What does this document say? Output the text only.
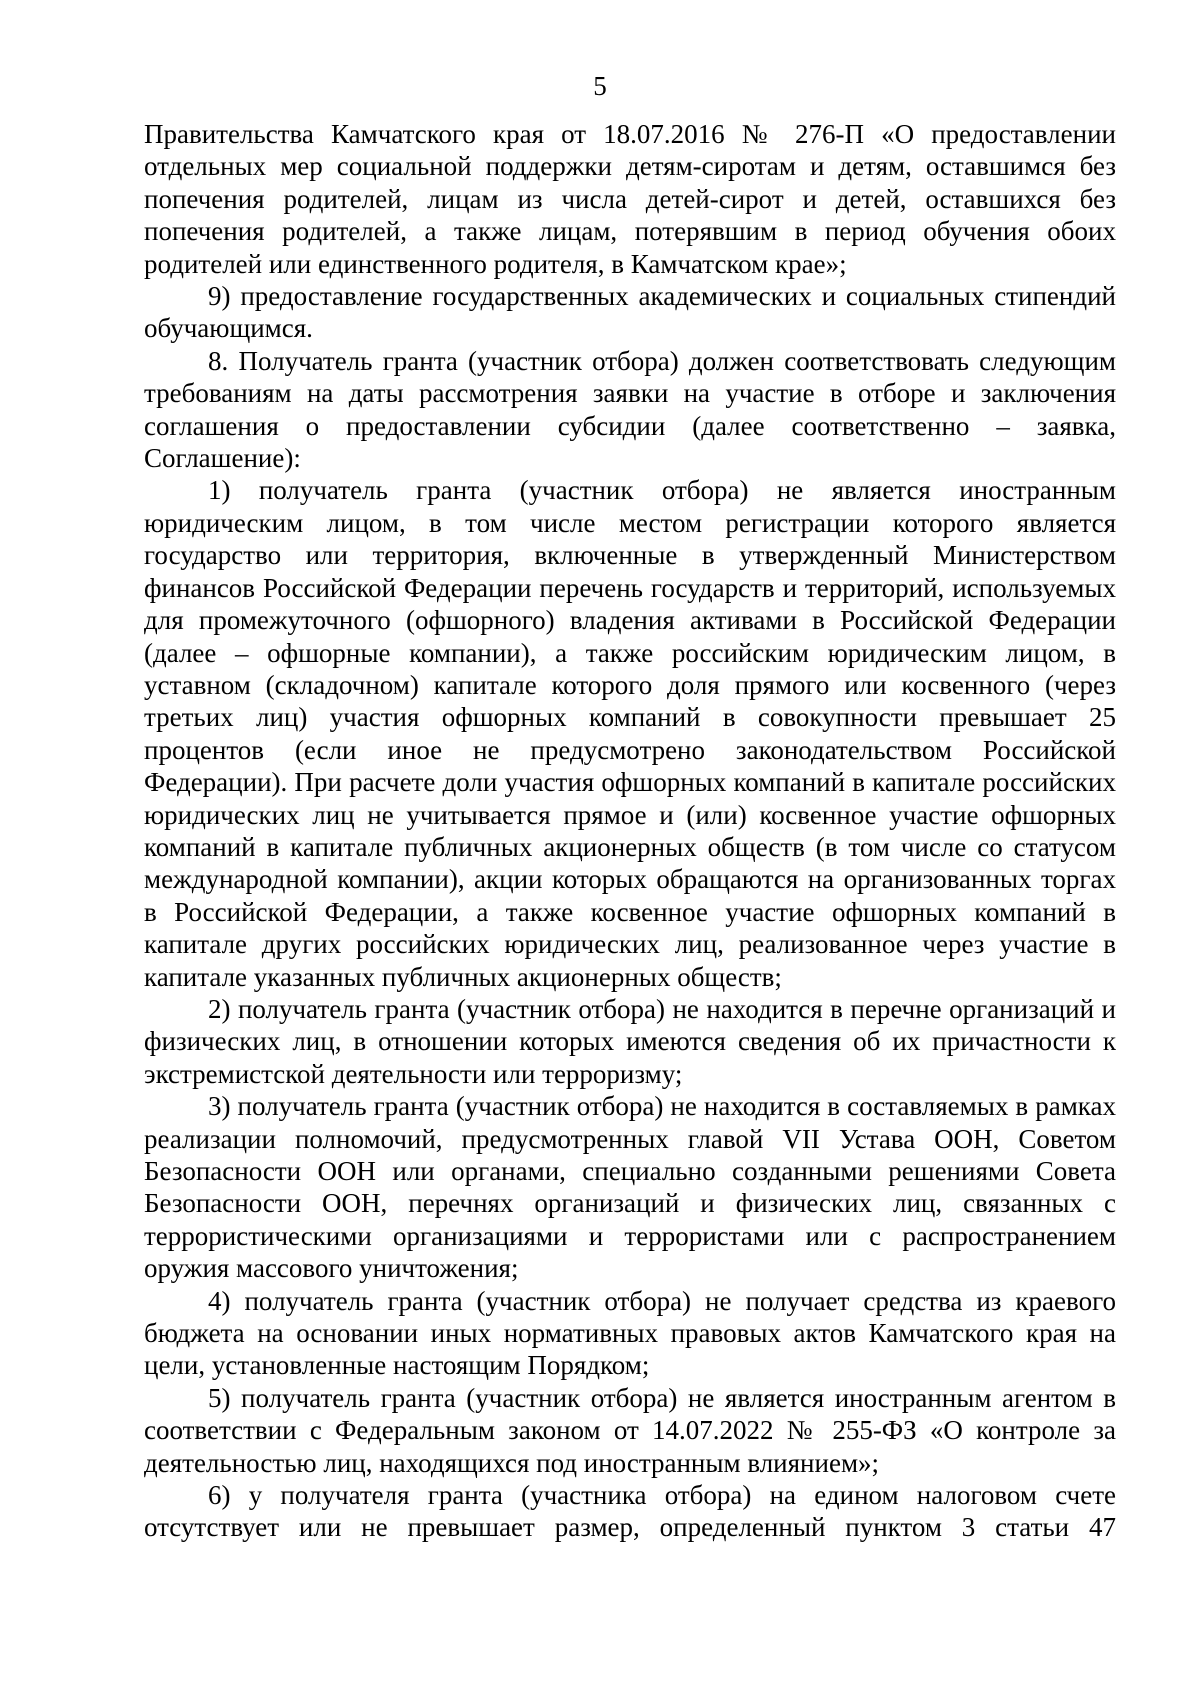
5

Правительства Камчатского края от 18.07.2016 № 276-П «О предоставлении отдельных мер социальной поддержки детям-сиротам и детям, оставшимся без попечения родителей, лицам из числа детей-сирот и детей, оставшихся без попечения родителей, а также лицам, потерявшим в период обучения обоих родителей или единственного родителя, в Камчатском крае»;

9) предоставление государственных академических и социальных стипендий обучающимся.

8. Получатель гранта (участник отбора) должен соответствовать следующим требованиям на даты рассмотрения заявки на участие в отборе и заключения соглашения о предоставлении субсидии (далее соответственно – заявка, Соглашение):

1) получатель гранта (участник отбора) не является иностранным юридическим лицом, в том числе местом регистрации которого является государство или территория, включенные в утвержденный Министерством финансов Российской Федерации перечень государств и территорий, используемых для промежуточного (офшорного) владения активами в Российской Федерации (далее – офшорные компании), а также российским юридическим лицом, в уставном (складочном) капитале которого доля прямого или косвенного (через третьих лиц) участия офшорных компаний в совокупности превышает 25 процентов (если иное не предусмотрено законодательством Российской Федерации). При расчете доли участия офшорных компаний в капитале российских юридических лиц не учитывается прямое и (или) косвенное участие офшорных компаний в капитале публичных акционерных обществ (в том числе со статусом международной компании), акции которых обращаются на организованных торгах в Российской Федерации, а также косвенное участие офшорных компаний в капитале других российских юридических лиц, реализованное через участие в капитале указанных публичных акционерных обществ;

2) получатель гранта (участник отбора) не находится в перечне организаций и физических лиц, в отношении которых имеются сведения об их причастности к экстремистской деятельности или терроризму;

3) получатель гранта (участник отбора) не находится в составляемых в рамках реализации полномочий, предусмотренных главой VII Устава ООН, Советом Безопасности ООН или органами, специально созданными решениями Совета Безопасности ООН, перечнях организаций и физических лиц, связанных с террористическими организациями и террористами или с распространением оружия массового уничтожения;

4) получатель гранта (участник отбора) не получает средства из краевого бюджета на основании иных нормативных правовых актов Камчатского края на цели, установленные настоящим Порядком;

5) получатель гранта (участник отбора) не является иностранным агентом в соответствии с Федеральным законом от 14.07.2022 № 255-ФЗ «О контроле за деятельностью лиц, находящихся под иностранным влиянием»;

6) у получателя гранта (участника отбора) на едином налоговом счете отсутствует или не превышает размер, определенный пунктом 3 статьи 47
